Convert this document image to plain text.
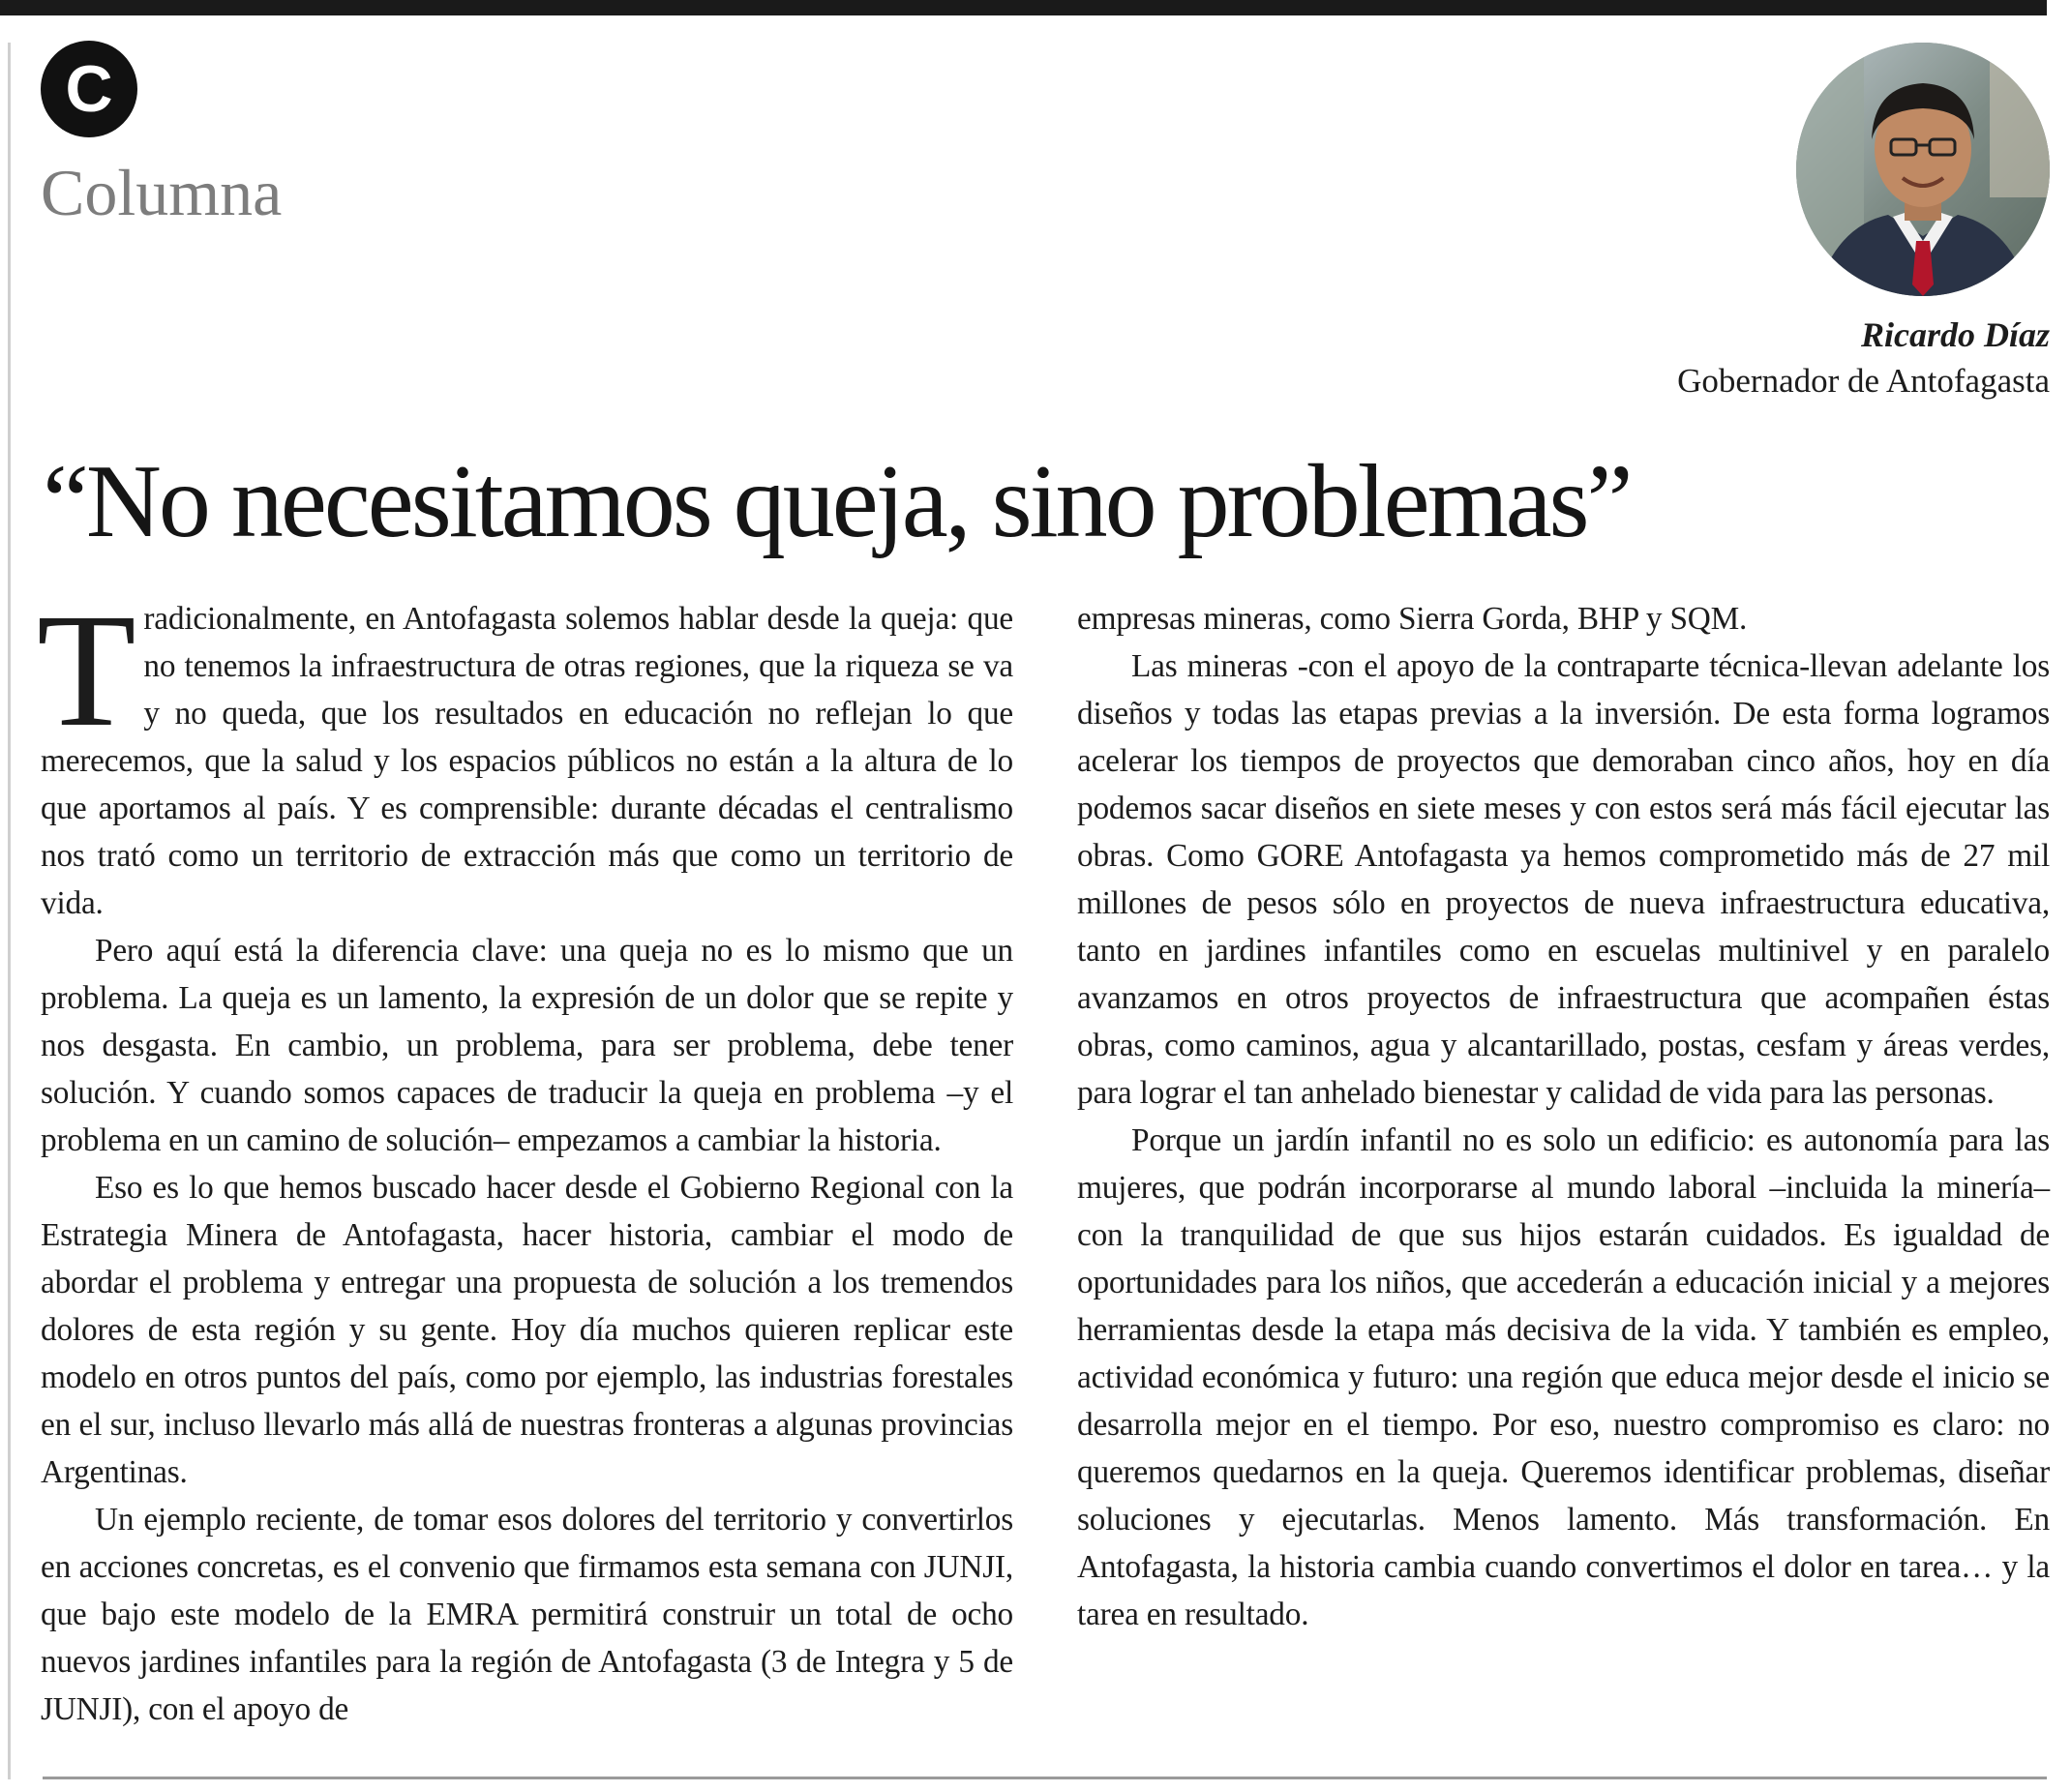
C
Columna
Ricardo Díaz
Gobernador de Antofagasta
“No necesitamos queja, sino problemas”

Tradicionalmente, en Antofagasta solemos hablar desde la queja: que no tenemos la infraestructura de otras regiones, que la riqueza se va y no queda, que los resultados en educación no reflejan lo que merecemos, que la salud y los espacios públicos no están a la altura de lo que aportamos al país. Y es comprensible: durante décadas el centralismo nos trató como un territorio de extracción más que como un territorio de vida.

Pero aquí está la diferencia clave: una queja no es lo mismo que un problema. La queja es un lamento, la expresión de un dolor que se repite y nos desgasta. En cambio, un problema, para ser problema, debe tener solución. Y cuando somos capaces de traducir la queja en problema –y el problema en un camino de solución– empezamos a cambiar la historia.

Eso es lo que hemos buscado hacer desde el Gobierno Regional con la Estrategia Minera de Antofagasta, hacer historia, cambiar el modo de abordar el problema y entregar una propuesta de solución a los tremendos dolores de esta región y su gente. Hoy día muchos quieren replicar este modelo en otros puntos del país, como por ejemplo, las industrias forestales en el sur, incluso llevarlo más allá de nuestras fronteras a algunas provincias Argentinas.

Un ejemplo reciente, de tomar esos dolores del territorio y convertirlos en acciones concretas, es el convenio que firmamos esta semana con JUNJI, que bajo este modelo de la EMRA permitirá construir un total de ocho nuevos jardines infantiles para la región de Antofagasta (3 de Integra y 5 de JUNJI), con el apoyo de

empresas mineras, como Sierra Gorda, BHP y SQM.

Las mineras -con el apoyo de la contraparte técnica-llevan adelante los diseños y todas las etapas previas a la inversión. De esta forma logramos acelerar los tiempos de proyectos que demoraban cinco años, hoy en día podemos sacar diseños en siete meses y con estos será más fácil ejecutar las obras. Como GORE Antofagasta ya hemos comprometido más de 27 mil millones de pesos sólo en proyectos de nueva infraestructura educativa, tanto en jardines infantiles como en escuelas multinivel y en paralelo avanzamos en otros proyectos de infraestructura que acompañen éstas obras, como caminos, agua y alcantarillado, postas, cesfam y áreas verdes, para lograr el tan anhelado bienestar y calidad de vida para las personas.

Porque un jardín infantil no es solo un edificio: es autonomía para las mujeres, que podrán incorporarse al mundo laboral –incluida la minería– con la tranquilidad de que sus hijos estarán cuidados. Es igualdad de oportunidades para los niños, que accederán a educación inicial y a mejores herramientas desde la etapa más decisiva de la vida. Y también es empleo, actividad económica y futuro: una región que educa mejor desde el inicio se desarrolla mejor en el tiempo. Por eso, nuestro compromiso es claro: no queremos quedarnos en la queja. Queremos identificar problemas, diseñar soluciones y ejecutarlas. Menos lamento. Más transformación. En Antofagasta, la historia cambia cuando convertimos el dolor en tarea… y la tarea en resultado.
